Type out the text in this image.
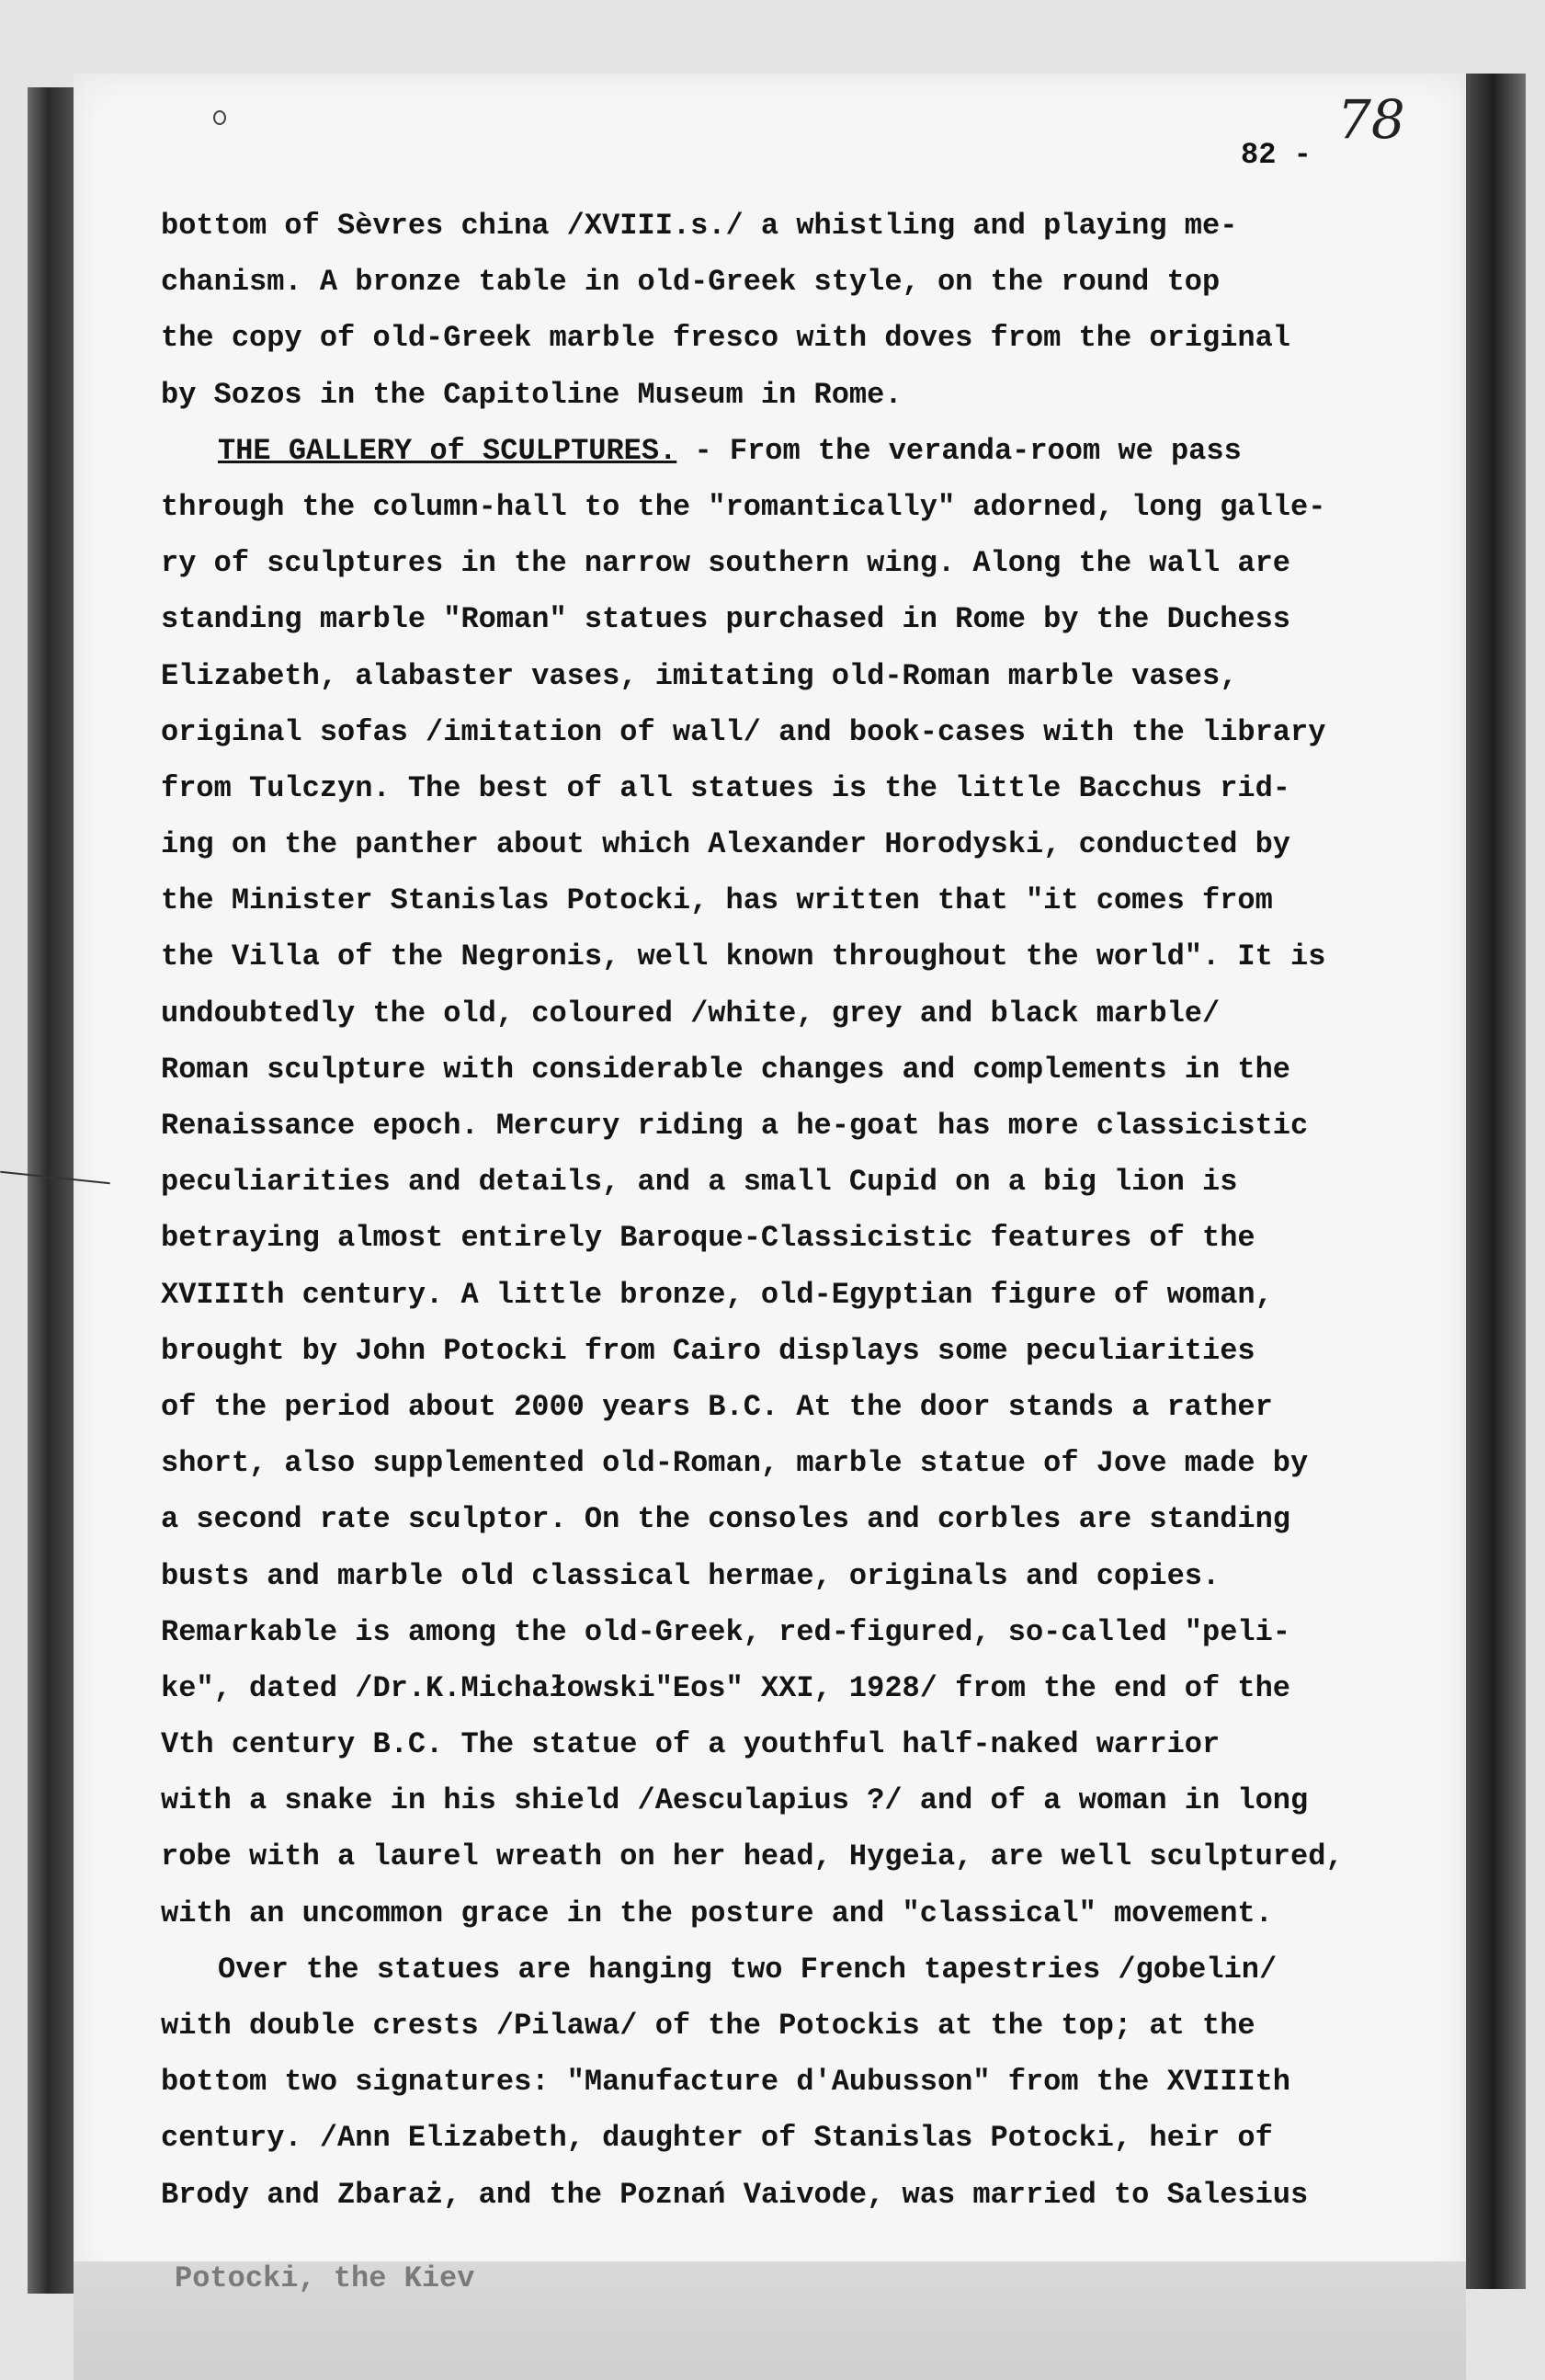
78
82 -
bottom of Sèvres china /XVIII.s./ a whistling and playing me-
chanism. A bronze table in old-Greek style, on the round top
the copy of old-Greek marble fresco with doves from the original
by Sozos in the Capitoline Museum in Rome.
THE GALLERY of SCULPTURES. - From the veranda-room we pass
through the column-hall to the "romantically" adorned, long galle-
ry of sculptures in the narrow southern wing. Along the wall are
standing marble "Roman" statues purchased in Rome by the Duchess
Elizabeth, alabaster vases, imitating old-Roman marble vases,
original sofas /imitation of wall/ and book-cases with the library
from Tulczyn. The best of all statues is the little Bacchus rid-
ing on the panther about which Alexander Horodyski, conducted by
the Minister Stanislas Potocki, has written that "it comes from
the Villa of the Negronis, well known throughout the world". It is
undoubtedly the old, coloured /white, grey and black marble/
Roman sculpture with considerable changes and complements in the
Renaissance epoch. Mercury riding a he-goat has more classicistic
peculiarities and details, and a small Cupid on a big lion is
betraying almost entirely Baroque-Classicistic features of the
XVIIIth century. A little bronze, old-Egyptian figure of woman,
brought by John Potocki from Cairo displays some peculiarities
of the period about 2000 years B.C. At the door stands a rather
short, also supplemented old-Roman, marble statue of Jove made by
a second rate sculptor. On the consoles and corbles are standing
busts and marble old classical hermae, originals and copies.
Remarkable is among the old-Greek, red-figured, so-called "peli-
ke", dated /Dr.K.Michałowski"Eos" XXI, 1928/ from the end of the
Vth century B.C. The statue of a youthful half-naked warrior
with a snake in his shield /Aesculapius ?/ and of a woman in long
robe with a laurel wreath on her head, Hygeia, are well sculptured,
with an uncommon grace in the posture and "classical" movement.
Over the statues are hanging two French tapestries /gobelin/
with double crests /Pilawa/ of the Potockis at the top; at the
bottom two signatures: "Manufacture d'Aubusson" from the XVIIIth
century. /Ann Elizabeth, daughter of Stanislas Potocki, heir of
Brody and Zbaraż, and the Poznań Vaivode, was married to Salesius
Potocki, the Kiev
